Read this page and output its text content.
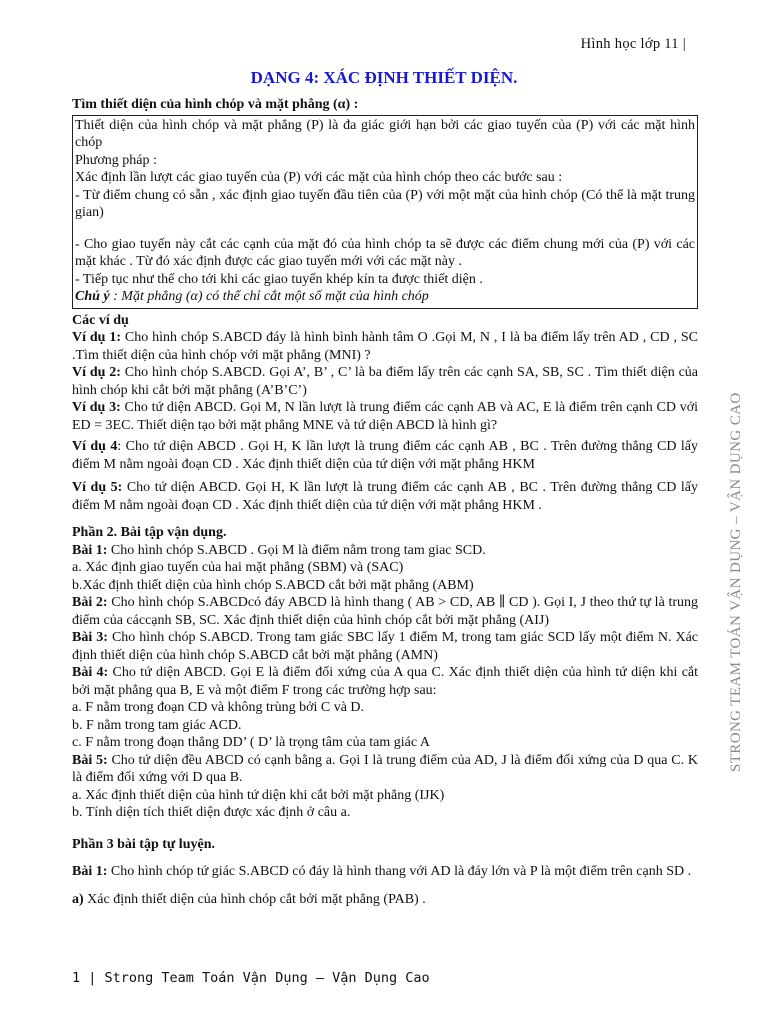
Hình học lớp 11 |
DẠNG 4: XÁC ĐỊNH THIẾT DIỆN.

Tìm thiết diện của hình chóp và mặt phẳng (α) :

Thiết diện của hình chóp và mặt phẳng (P) là đa giác giới hạn bởi các giao tuyến của (P) với các mặt hình chóp

Phương pháp :

Xác định lần lượt các giao tuyến của (P) với các mặt của hình chóp theo các bước sau :

- Từ điểm chung có sẵn , xác định giao tuyến đầu tiên của (P) với một mặt của hình chóp (Có thể là mặt trung gian)

- Cho giao tuyến này cắt các cạnh của mặt đó của hình chóp ta sẽ được các điểm chung mới của (P) với các mặt khác . Từ đó xác định được các giao tuyến mới với các mặt này .

- Tiếp tục như thế cho tới khi các giao tuyến khép kín ta được thiết diện .

Chú ý : Mặt phẳng (α) có thể chỉ cắt một số mặt của hình chóp

Các ví dụ

Ví dụ 1: Cho hình chóp S.ABCD đáy là hình bình hành tâm O .Gọi M, N , I là ba điểm lấy trên AD , CD , SC .Tìm thiết diện của hình chóp với mặt phẳng (MNI) ?

Ví dụ 2: Cho hình chóp S.ABCD. Gọi A’, B’ , C’ là ba điểm lấy trên các cạnh SA, SB, SC . Tìm thiết diện của hình chóp khi cắt bởi mặt phẳng (A’B’C’)

Ví dụ 3: Cho tứ diện ABCD. Gọi M, N lần lượt là trung điểm các cạnh AB và AC, E là điểm trên cạnh CD với ED = 3EC. Thiết diện tạo bởi mặt phẳng MNE và tứ diện ABCD là hình gì?

Ví dụ 4: Cho tứ diện ABCD . Gọi H, K lần lượt là trung điểm các cạnh AB , BC . Trên đường thẳng CD lấy điểm M nằm ngoài đoạn CD . Xác định thiết diện của tứ diện với mặt phẳng HKM

Ví dụ 5: Cho tứ diện ABCD. Gọi H, K lần lượt là trung điểm các cạnh AB , BC . Trên đường thẳng CD lấy điểm M nằm ngoài đoạn CD . Xác định thiết diện của tứ diện với mặt phẳng HKM .

Phần 2. Bài tập vận dụng.

Bài 1: Cho hình chóp S.ABCD . Gọi M là điểm nằm trong tam giac SCD.

a. Xác định giao tuyến của hai mặt phẳng (SBM) và (SAC)

b.Xác định thiết diện của hình chóp S.ABCD cắt bởi mặt phẳng (ABM)

Bài 2: Cho hình chóp S.ABCDcó đáy ABCD là hình thang ( AB > CD, AB ∥ CD ). Gọi I, J theo thứ tự là trung điểm của cáccạnh SB, SC. Xác định thiết diện của hình chóp cắt bởi mặt phẳng (AIJ)

Bài 3: Cho hình chóp S.ABCD. Trong tam giác SBC lấy 1 điểm M, trong tam giác SCD lấy một điểm N. Xác định thiết diện của hình chóp S.ABCD cắt bởi mặt phẳng (AMN)

Bài 4: Cho tứ diện ABCD. Gọi E là điểm đối xứng của A qua C. Xác định thiết diện của hình tứ diện khi cắt bởi mặt phẳng qua B, E và một điểm F trong các trường hợp sau:

a. F nằm trong đoạn CD và không trùng bởi C và D.

b. F nằm trong tam giác ACD.

c. F nằm trong đoạn thẳng DD’ ( D’ là trọng tâm của tam giác A

Bài 5: Cho tứ diện đều ABCD có cạnh bằng a. Gọi I là trung điểm của AD, J là điểm đối xứng của D qua C. K là điểm đối xứng với D qua B.

a. Xác định thiết diện của hình tứ diện khi cắt bởi mặt phẳng (IJK)

b. Tính diện tích thiết diện được xác định ở câu a.

Phần 3 bài tập tự luyện.

Bài 1: Cho hình chóp tứ giác S.ABCD có đáy là hình thang với AD là đáy lớn và P là một điểm trên cạnh SD .

a) Xác định thiết diện của hình chóp cắt bởi mặt phẳng (PAB) .

STRONG TEAM TOÁN VẬN DỤNG – VẬN DỤNG CAO
1 | Strong Team Toán Vận Dụng – Vận Dụng Cao
